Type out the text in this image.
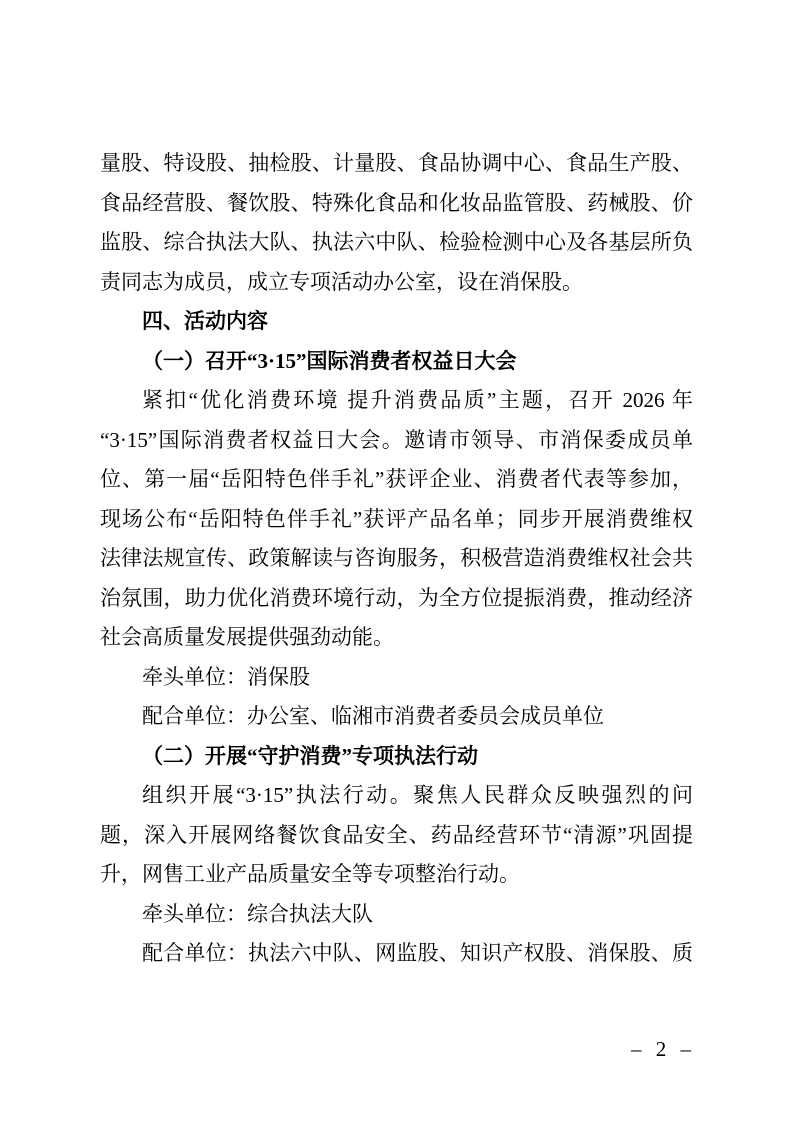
量股、特设股、抽检股、计量股、食品协调中心、食品生产股、
食品经营股、餐饮股、特殊化食品和化妆品监管股、药械股、价
监股、综合执法大队、执法六中队、检验检测中心及各基层所负
责同志为成员，成立专项活动办公室，设在消保股。
四、活动内容
（一）召开“3·15”国际消费者权益日大会
紧扣“优化消费环境 提升消费品质”主题，召开 2026 年
“3·15”国际消费者权益日大会。邀请市领导、市消保委成员单
位、第一届“岳阳特色伴手礼”获评企业、消费者代表等参加，
现场公布“岳阳特色伴手礼”获评产品名单；同步开展消费维权
法律法规宣传、政策解读与咨询服务，积极营造消费维权社会共
治氛围，助力优化消费环境行动，为全方位提振消费，推动经济
社会高质量发展提供强劲动能。
牵头单位：消保股
配合单位：办公室、临湘市消费者委员会成员单位
（二）开展“守护消费”专项执法行动
组织开展“3·15”执法行动。聚焦人民群众反映强烈的问
题，深入开展网络餐饮食品安全、药品经营环节“清源”巩固提
升，网售工业产品质量安全等专项整治行动。
牵头单位：综合执法大队
配合单位：执法六中队、网监股、知识产权股、消保股、质
– 2 –
